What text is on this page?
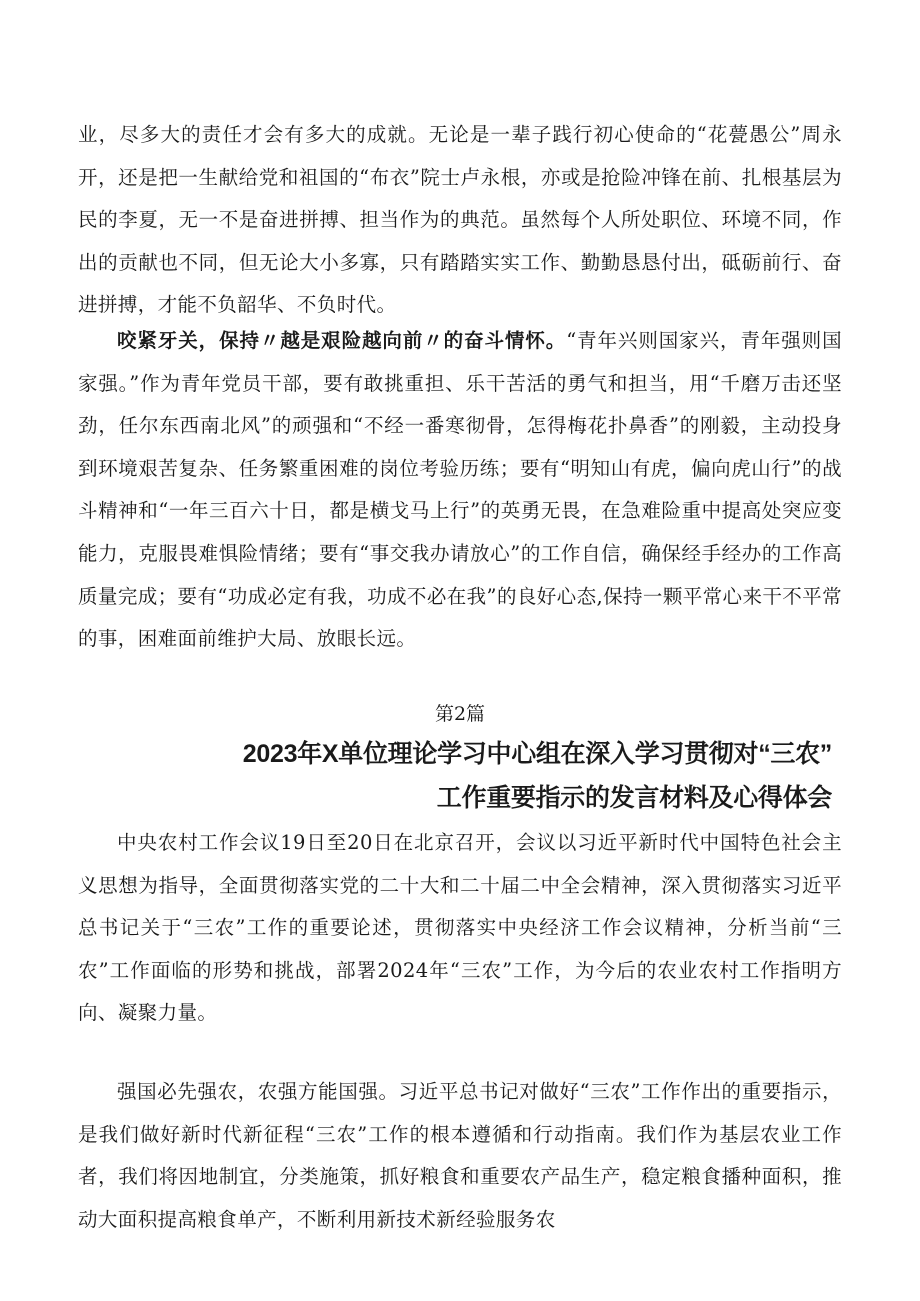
业，尽多大的责任才会有多大的成就。无论是一辈子践行初心使命的“花甍愚公”周永开，还是把一生献给党和祖国的“布衣”院士卢永根，亦或是抢险冲锋在前、扎根基层为民的李夏，无一不是奋进拼搏、担当作为的典范。虽然每个人所处职位、环境不同，作出的贡献也不同，但无论大小多寡，只有踏踏实实工作、勤勤恳恳付出，砥砺前行、奋进拼搏，才能不负韶华、不负时代。

咬紧牙关，保持〃越是艰险越向前〃的奋斗情怀。“青年兴则国家兴，青年强则国家强。”作为青年党员干部，要有敢挑重担、乐干苦活的勇气和担当，用“千磨万击还坚劲，任尔东西南北风”的顽强和“不经一番寒彻骨，怎得梅花扑鼻香”的刚毅，主动投身到环境艰苦复杂、任务繁重困难的岗位考验历练；要有“明知山有虎，偏向虎山行”的战斗精神和“一年三百六十日，都是横戈马上行”的英勇无畏，在急难险重中提高处突应变能力，克服畏难惧险情绪；要有“事交我办请放心”的工作自信，确保经手经办的工作高质量完成；要有“功成必定有我，功成不必在我”的良好心态,保持一颗平常心来干不平常的事，困难面前维护大局、放眼长远。

第2篇
2023年X单位理论学习中心组在深入学习贯彻对“三农”
工作重要指示的发言材料及心得体会

中央农村工作会议19日至20日在北京召开，会议以习近平新时代中国特色社会主义思想为指导，全面贯彻落实党的二十大和二十届二中全会精神，深入贯彻落实习近平总书记关于“三农”工作的重要论述，贯彻落实中央经济工作会议精神，分析当前“三农”工作面临的形势和挑战，部署2024年“三农”工作，为今后的农业农村工作指明方向、凝聚力量。

强国必先强农，农强方能国强。习近平总书记对做好“三农”工作作出的重要指示，是我们做好新时代新征程“三农”工作的根本遵循和行动指南。我们作为基层农业工作者，我们将因地制宜，分类施策，抓好粮食和重要农产品生产，稳定粮食播种面积，推动大面积提高粮食单产，不断利用新技术新经验服务农
